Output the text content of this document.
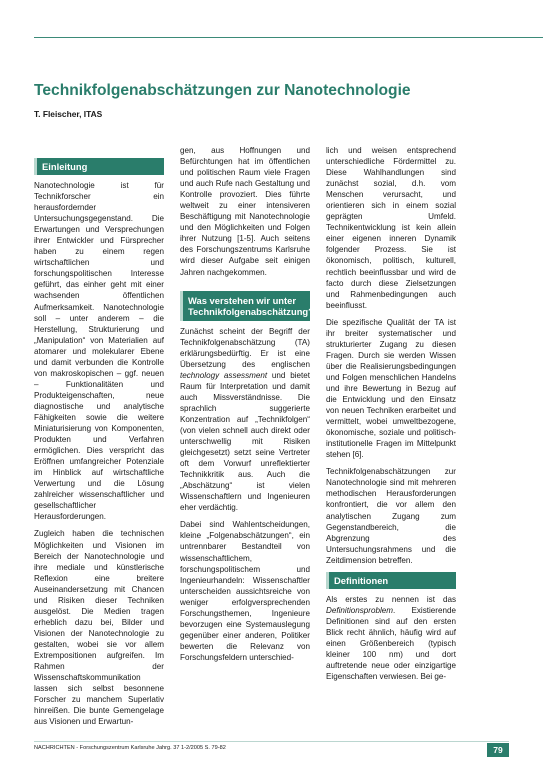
Technikfolgenabschätzungen zur Nanotechnologie
T. Fleischer, ITAS
Einleitung

Nanotechnologie ist für Technikforscher ein herausfordernder Untersuchungsgegenstand. Die Erwartungen und Versprechungen ihrer Entwickler und Fürsprecher haben zu einem regen wirtschaftlichen und forschungspolitischen Interesse geführt, das einher geht mit einer wachsenden öffentlichen Aufmerksamkeit. Nanotechnologie soll – unter anderem – die Herstellung, Strukturierung und „Manipulation“ von Materialien auf atomarer und molekularer Ebene und damit verbunden die Kontrolle von makroskopischen – ggf. neuen – Funktionalitäten und Produkteigenschaften, neue diagnostische und analytische Fähigkeiten sowie die weitere Miniaturisierung von Komponenten, Produkten und Verfahren ermöglichen. Dies verspricht das Eröffnen umfangreicher Potenziale im Hinblick auf wirtschaftliche Verwertung und die Lösung zahlreicher wissenschaftlicher und gesellschaftlicher Herausforderungen.

Zugleich haben die technischen Möglichkeiten und Visionen im Bereich der Nanotechnologie und ihre mediale und künstlerische Reflexion eine breitere Auseinandersetzung mit Chancen und Risiken dieser Techniken ausgelöst. Die Medien tragen erheblich dazu bei, Bilder und Visionen der Nanotechnologie zu gestalten, wobei sie vor allem Extrempositionen aufgreifen. Im Rahmen der Wissenschaftskommunikation lassen sich selbst besonnene Forscher zu manchem Superlativ hinreißen. Die bunte Gemengelage aus Visionen und Erwartun-

gen, aus Hoffnungen und Befürchtungen hat im öffentlichen und politischen Raum viele Fragen und auch Rufe nach Gestaltung und Kontrolle provoziert. Dies führte weltweit zu einer intensiveren Beschäftigung mit Nanotechnologie und den Möglichkeiten und Folgen ihrer Nutzung [1-5]. Auch seitens des Forschungszentrums Karlsruhe wird dieser Aufgabe seit einigen Jahren nachgekommen.

Was verstehen wir unter Technikfolgenabschätzung?

Zunächst scheint der Begriff der Technikfolgenabschätzung (TA) erklärungsbedürftig. Er ist eine Übersetzung des englischen technology assessment und bietet Raum für Interpretation und damit auch Missverständnisse. Die sprachlich suggerierte Konzentration auf „Technikfolgen“ (von vielen schnell auch direkt oder unterschwellig mit Risiken gleichgesetzt) setzt seine Vertreter oft dem Vorwurf unreflektierter Technikkritik aus. Auch die „Abschätzung“ ist vielen Wissenschaftlern und Ingenieuren eher verdächtig.

Dabei sind Wahlentscheidungen, kleine „Folgenabschätzungen“, ein untrennbarer Bestandteil von wissenschaftlichem, forschungspolitischem und Ingenieurhandeln: Wissenschaftler unterscheiden aussichtsreiche von weniger erfolgversprechenden Forschungsthemen, Ingenieure bevorzugen eine Systemauslegung gegenüber einer anderen, Politiker bewerten die Relevanz von Forschungsfeldern unterschied-

lich und weisen entsprechend unterschiedliche Fördermittel zu. Diese Wahlhandlungen sind zunächst sozial, d.h. vom Menschen verursacht, und orientieren sich in einem sozial geprägten Umfeld. Technikentwicklung ist kein allein einer eigenen inneren Dynamik folgender Prozess. Sie ist ökonomisch, politisch, kulturell, rechtlich beeinflussbar und wird de facto durch diese Zielsetzungen und Rahmenbedingungen auch beeinflusst.

Die spezifische Qualität der TA ist ihr breiter systematischer und strukturierter Zugang zu diesen Fragen. Durch sie werden Wissen über die Realisierungsbedingungen und Folgen menschlichen Handelns und ihre Bewertung in Bezug auf die Entwicklung und den Einsatz von neuen Techniken erarbeitet und vermittelt, wobei umweltbezogene, ökonomische, soziale und politisch-institutionelle Fragen im Mittelpunkt stehen [6].

Technikfolgenabschätzungen zur Nanotechnologie sind mit mehreren methodischen Herausforderungen konfrontiert, die vor allem den analytischen Zugang zum Gegenstandbereich, die Abgrenzung des Untersuchungsrahmens und die Zeitdimension betreffen.

Definitionen

Als erstes zu nennen ist das Definitionsproblem. Existierende Definitionen sind auf den ersten Blick recht ähnlich, häufig wird auf einen Größenbereich (typisch kleiner 100 nm) und dort auftretende neue oder einzigartige Eigenschaften verwiesen. Bei ge-

NACHRICHTEN - Forschungszentrum Karlsruhe Jahrg. 37 1-2/2005 S. 79-82	79
